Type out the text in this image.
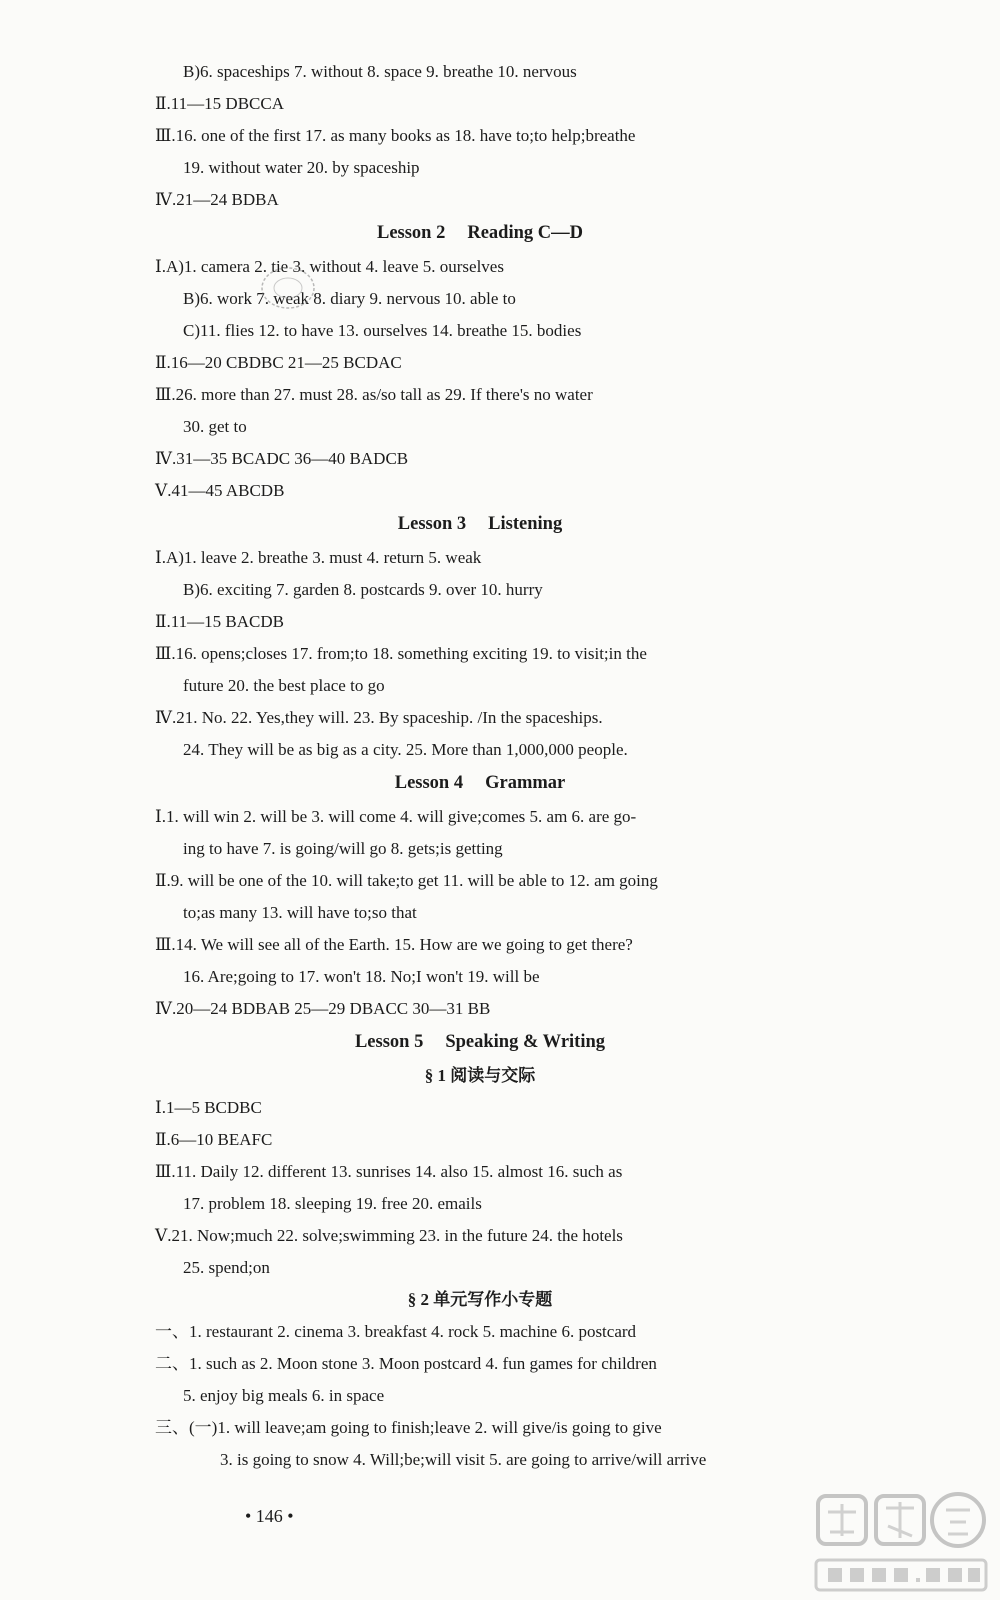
B)6. spaceships 7. without 8. space 9. breathe 10. nervous
Ⅱ.11—15 DBCCA
Ⅲ.16. one of the first 17. as many books as 18. have to;to help;breathe
19. without water 20. by spaceship
Ⅳ.21—24 BDBA
Lesson 2 Reading C—D
Ⅰ.A)1. camera 2. tie 3. without 4. leave 5. ourselves
B)6. work 7. weak 8. diary 9. nervous 10. able to
C)11. flies 12. to have 13. ourselves 14. breathe 15. bodies
Ⅱ.16—20 CBDBC 21—25 BCDAC
Ⅲ.26. more than 27. must 28. as/so tall as 29. If there's no water
30. get to
Ⅳ.31—35 BCADC 36—40 BADCB
Ⅴ.41—45 ABCDB
Lesson 3 Listening
Ⅰ.A)1. leave 2. breathe 3. must 4. return 5. weak
B)6. exciting 7. garden 8. postcards 9. over 10. hurry
Ⅱ.11—15 BACDB
Ⅲ.16. opens;closes 17. from;to 18. something exciting 19. to visit;in the
future 20. the best place to go
Ⅳ.21. No. 22. Yes,they will. 23. By spaceship. /In the spaceships.
24. They will be as big as a city. 25. More than 1,000,000 people.
Lesson 4 Grammar
Ⅰ.1. will win 2. will be 3. will come 4. will give;comes 5. am 6. are go-
ing to have 7. is going/will go 8. gets;is getting
Ⅱ.9. will be one of the 10. will take;to get 11. will be able to 12. am going
to;as many 13. will have to;so that
Ⅲ.14. We will see all of the Earth. 15. How are we going to get there?
16. Are;going to 17. won't 18. No;I won't 19. will be
Ⅳ.20—24 BDBAB 25—29 DBACC 30—31 BB
Lesson 5 Speaking & Writing
§ 1 阅读与交际
Ⅰ.1—5 BCDBC
Ⅱ.6—10 BEAFC
Ⅲ.11. Daily 12. different 13. sunrises 14. also 15. almost 16. such as
17. problem 18. sleeping 19. free 20. emails
Ⅴ.21. Now;much 22. solve;swimming 23. in the future 24. the hotels
25. spend;on
§ 2 单元写作小专题
一、1. restaurant 2. cinema 3. breakfast 4. rock 5. machine 6. postcard
二、1. such as 2. Moon stone 3. Moon postcard 4. fun games for children
5. enjoy big meals 6. in space
三、(一)1. will leave;am going to finish;leave 2. will give/is going to give
3. is going to snow 4. Will;be;will visit 5. are going to arrive/will arrive
• 146 •
